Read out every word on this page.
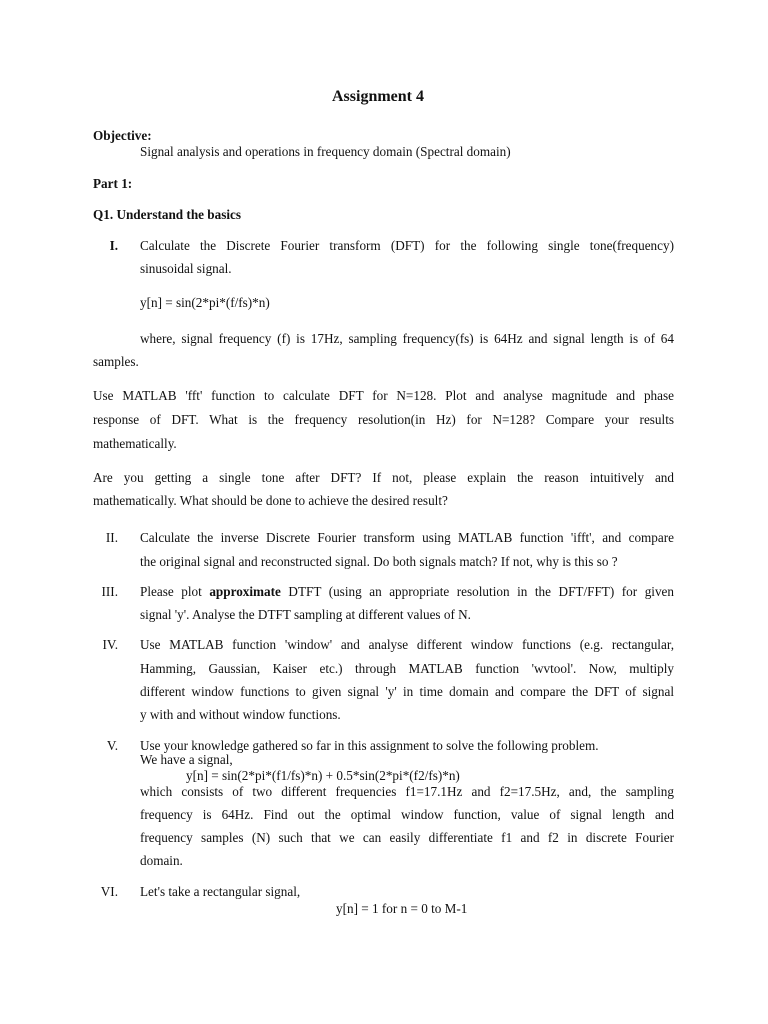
Assignment 4

Objective:

Signal analysis and operations in frequency domain (Spectral domain)

Part 1:

Q1. Understand the basics

I. Calculate the Discrete Fourier transform (DFT) for the following single tone(frequency)

sinusoidal signal.

y[n] = sin(2*pi*(f/fs)*n)

where, signal frequency (f) is 17Hz, sampling frequency(fs) is 64Hz and signal length is of 64

samples.

Use MATLAB 'fft' function to calculate DFT for N=128. Plot and analyse magnitude and phase

response of DFT. What is the frequency resolution(in Hz) for N=128? Compare your results

mathematically.

Are you getting a single tone after DFT? If not, please explain the reason intuitively and

mathematically. What should be done to achieve the desired result?

II. Calculate the inverse Discrete Fourier transform using MATLAB function 'ifft', and compare

the original signal and reconstructed signal. Do both signals match? If not, why is this so ?

III. Please plot approximate DTFT (using an appropriate resolution in the DFT/FFT) for given

signal 'y'. Analyse the DTFT sampling at different values of N.

IV. Use MATLAB function 'window' and analyse different window functions (e.g. rectangular,

Hamming, Gaussian, Kaiser etc.) through MATLAB function 'wvtool'. Now, multiply

different window functions to given signal 'y' in time domain and compare the DFT of signal

y with and without window functions.

V. Use your knowledge gathered so far in this assignment to solve the following problem.

We have a signal,

y[n] = sin(2*pi*(f1/fs)*n) + 0.5*sin(2*pi*(f2/fs)*n)

which consists of two different frequencies f1=17.1Hz and f2=17.5Hz, and, the sampling

frequency is 64Hz. Find out the optimal window function, value of signal length and

frequency samples (N) such that we can easily differentiate f1 and f2 in discrete Fourier

domain.

VI. Let's take a rectangular signal,

y[n] = 1 for n = 0 to M-1
